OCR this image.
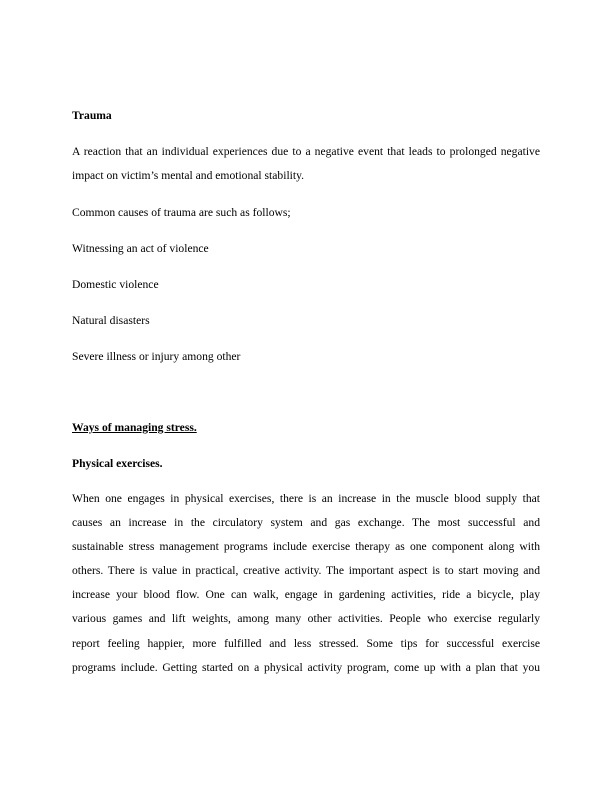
Trauma
A reaction that an individual experiences due to a negative event that leads to prolonged negative
impact on victim’s mental and emotional stability.

Common causes of trauma are such as follows;

Witnessing an act of violence

Domestic violence

Natural disasters

Severe illness or injury among other

Ways of managing stress.
Physical exercises.
When one engages in physical exercises, there is an increase in the muscle blood supply that
causes an increase in the circulatory system and gas exchange. The most successful and
sustainable stress management programs include exercise therapy as one component along with
others. There is value in practical, creative activity. The important aspect is to start moving and
increase your blood flow. One can walk, engage in gardening activities, ride a bicycle, play
various games and lift weights, among many other activities. People who exercise regularly
report feeling happier, more fulfilled and less stressed. Some tips for successful exercise
programs include. Getting started on a physical activity program, come up with a plan that you
